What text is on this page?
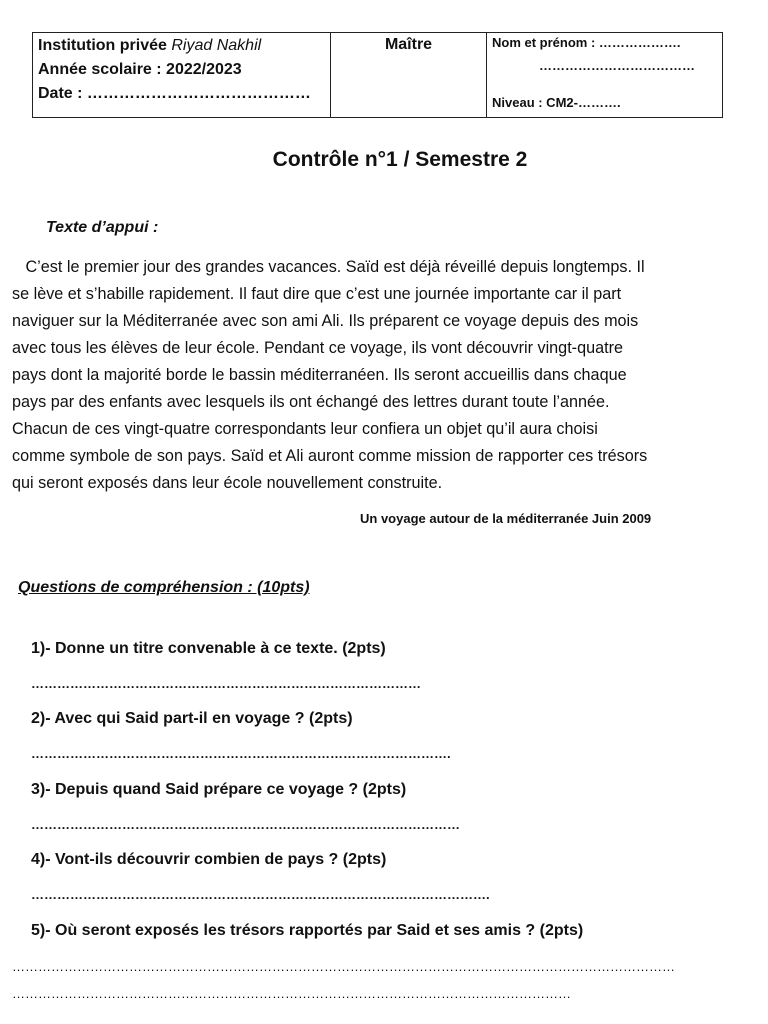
Institution privée Riyad Nakhil
Année scolaire : 2022/2023
Date : ……………………………………
Maître	Nom et prénom : ……………….
………………………………
Niveau : CM2-……….
Contrôle n°1 / Semestre 2
Texte d’appui :
C’est le premier jour des grandes vacances. Saïd est déjà réveillé depuis longtemps. Il
se lève et s’habille rapidement. Il faut dire que c’est une journée importante car il part
naviguer sur la Méditerranée avec son ami Ali. Ils préparent ce voyage depuis des mois
avec tous les élèves de leur école. Pendant ce voyage, ils vont découvrir vingt-quatre
pays dont la majorité borde le bassin méditerranéen. Ils seront accueillis dans chaque
pays par des enfants avec lesquels ils ont échangé des lettres durant toute l’année.
Chacun de ces vingt-quatre correspondants leur confiera un objet qu’il aura choisi
comme symbole de son pays. Saïd et Ali auront comme mission de rapporter ces trésors
qui seront exposés dans leur école nouvellement construite.
Un voyage autour de la méditerranée Juin 2009
Questions de compréhension : (10pts)
1)- Donne un titre convenable à ce texte. (2pts)
………………………………………………………………………………
2)- Avec qui Said part-il en voyage ? (2pts)
…………………………………………………………………………………….
3)- Depuis quand Said prépare ce voyage ? (2pts)
………………………………………………………………………………………
4)- Vont-ils découvrir combien de pays ? (2pts)
…………………………………………………………………………………………….
5)- Où seront exposés les trésors rapportés par Said et ses amis ? (2pts)
………………………………………………………………………………………………………………………………………
…………………………………………………………………………………………………………………
